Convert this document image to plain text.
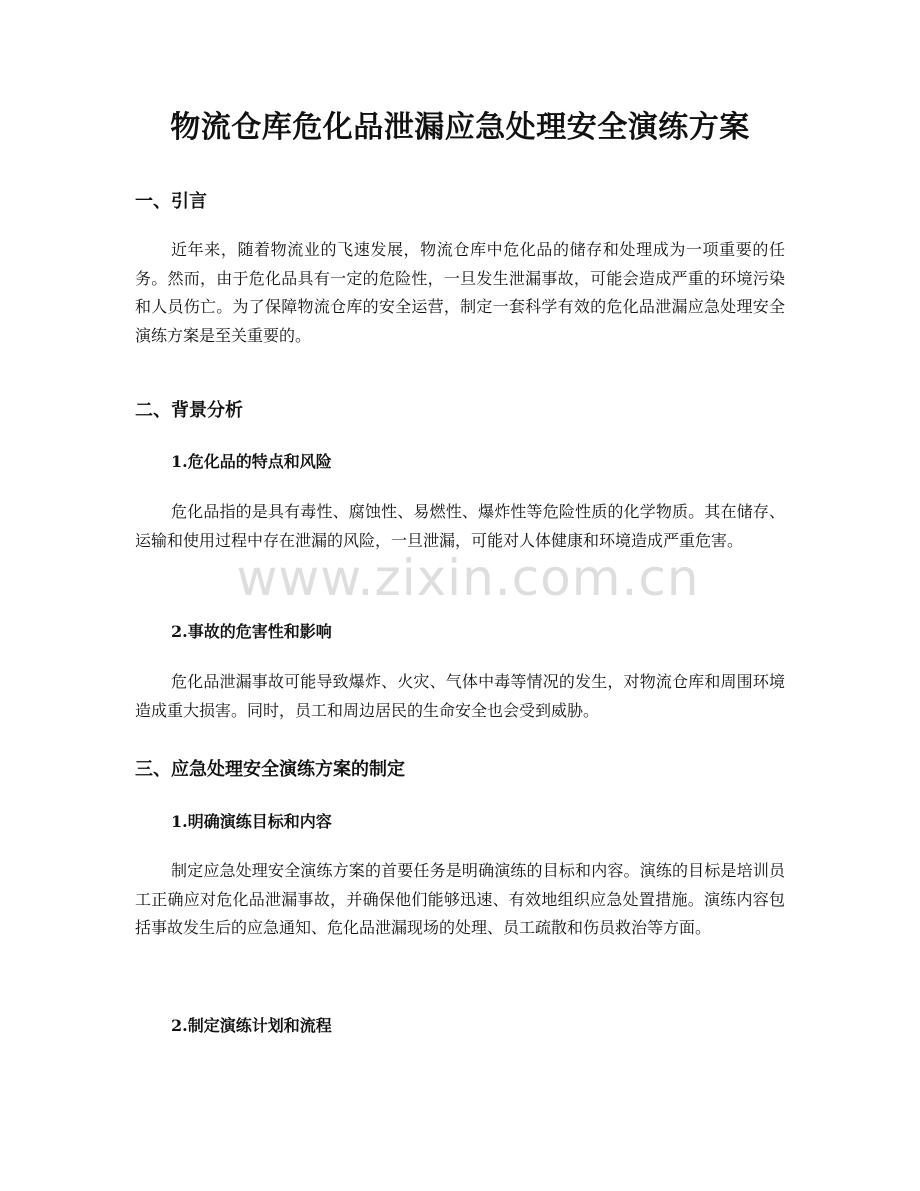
物流仓库危化品泄漏应急处理安全演练方案
一、引言

近年来，随着物流业的飞速发展，物流仓库中危化品的储存和处理成为一项重要的任务。然而，由于危化品具有一定的危险性，一旦发生泄漏事故，可能会造成严重的环境污染和人员伤亡。为了保障物流仓库的安全运营，制定一套科学有效的危化品泄漏应急处理安全演练方案是至关重要的。

二、背景分析
1.危化品的特点和风险

危化品指的是具有毒性、腐蚀性、易燃性、爆炸性等危险性质的化学物质。其在储存、运输和使用过程中存在泄漏的风险，一旦泄漏，可能对人体健康和环境造成严重危害。

2.事故的危害性和影响

危化品泄漏事故可能导致爆炸、火灾、气体中毒等情况的发生，对物流仓库和周围环境造成重大损害。同时，员工和周边居民的生命安全也会受到威胁。

三、应急处理安全演练方案的制定
1.明确演练目标和内容

制定应急处理安全演练方案的首要任务是明确演练的目标和内容。演练的目标是培训员工正确应对危化品泄漏事故，并确保他们能够迅速、有效地组织应急处置措施。演练内容包括事故发生后的应急通知、危化品泄漏现场的处理、员工疏散和伤员救治等方面。

2.制定演练计划和流程
www.zixin.com.cn
